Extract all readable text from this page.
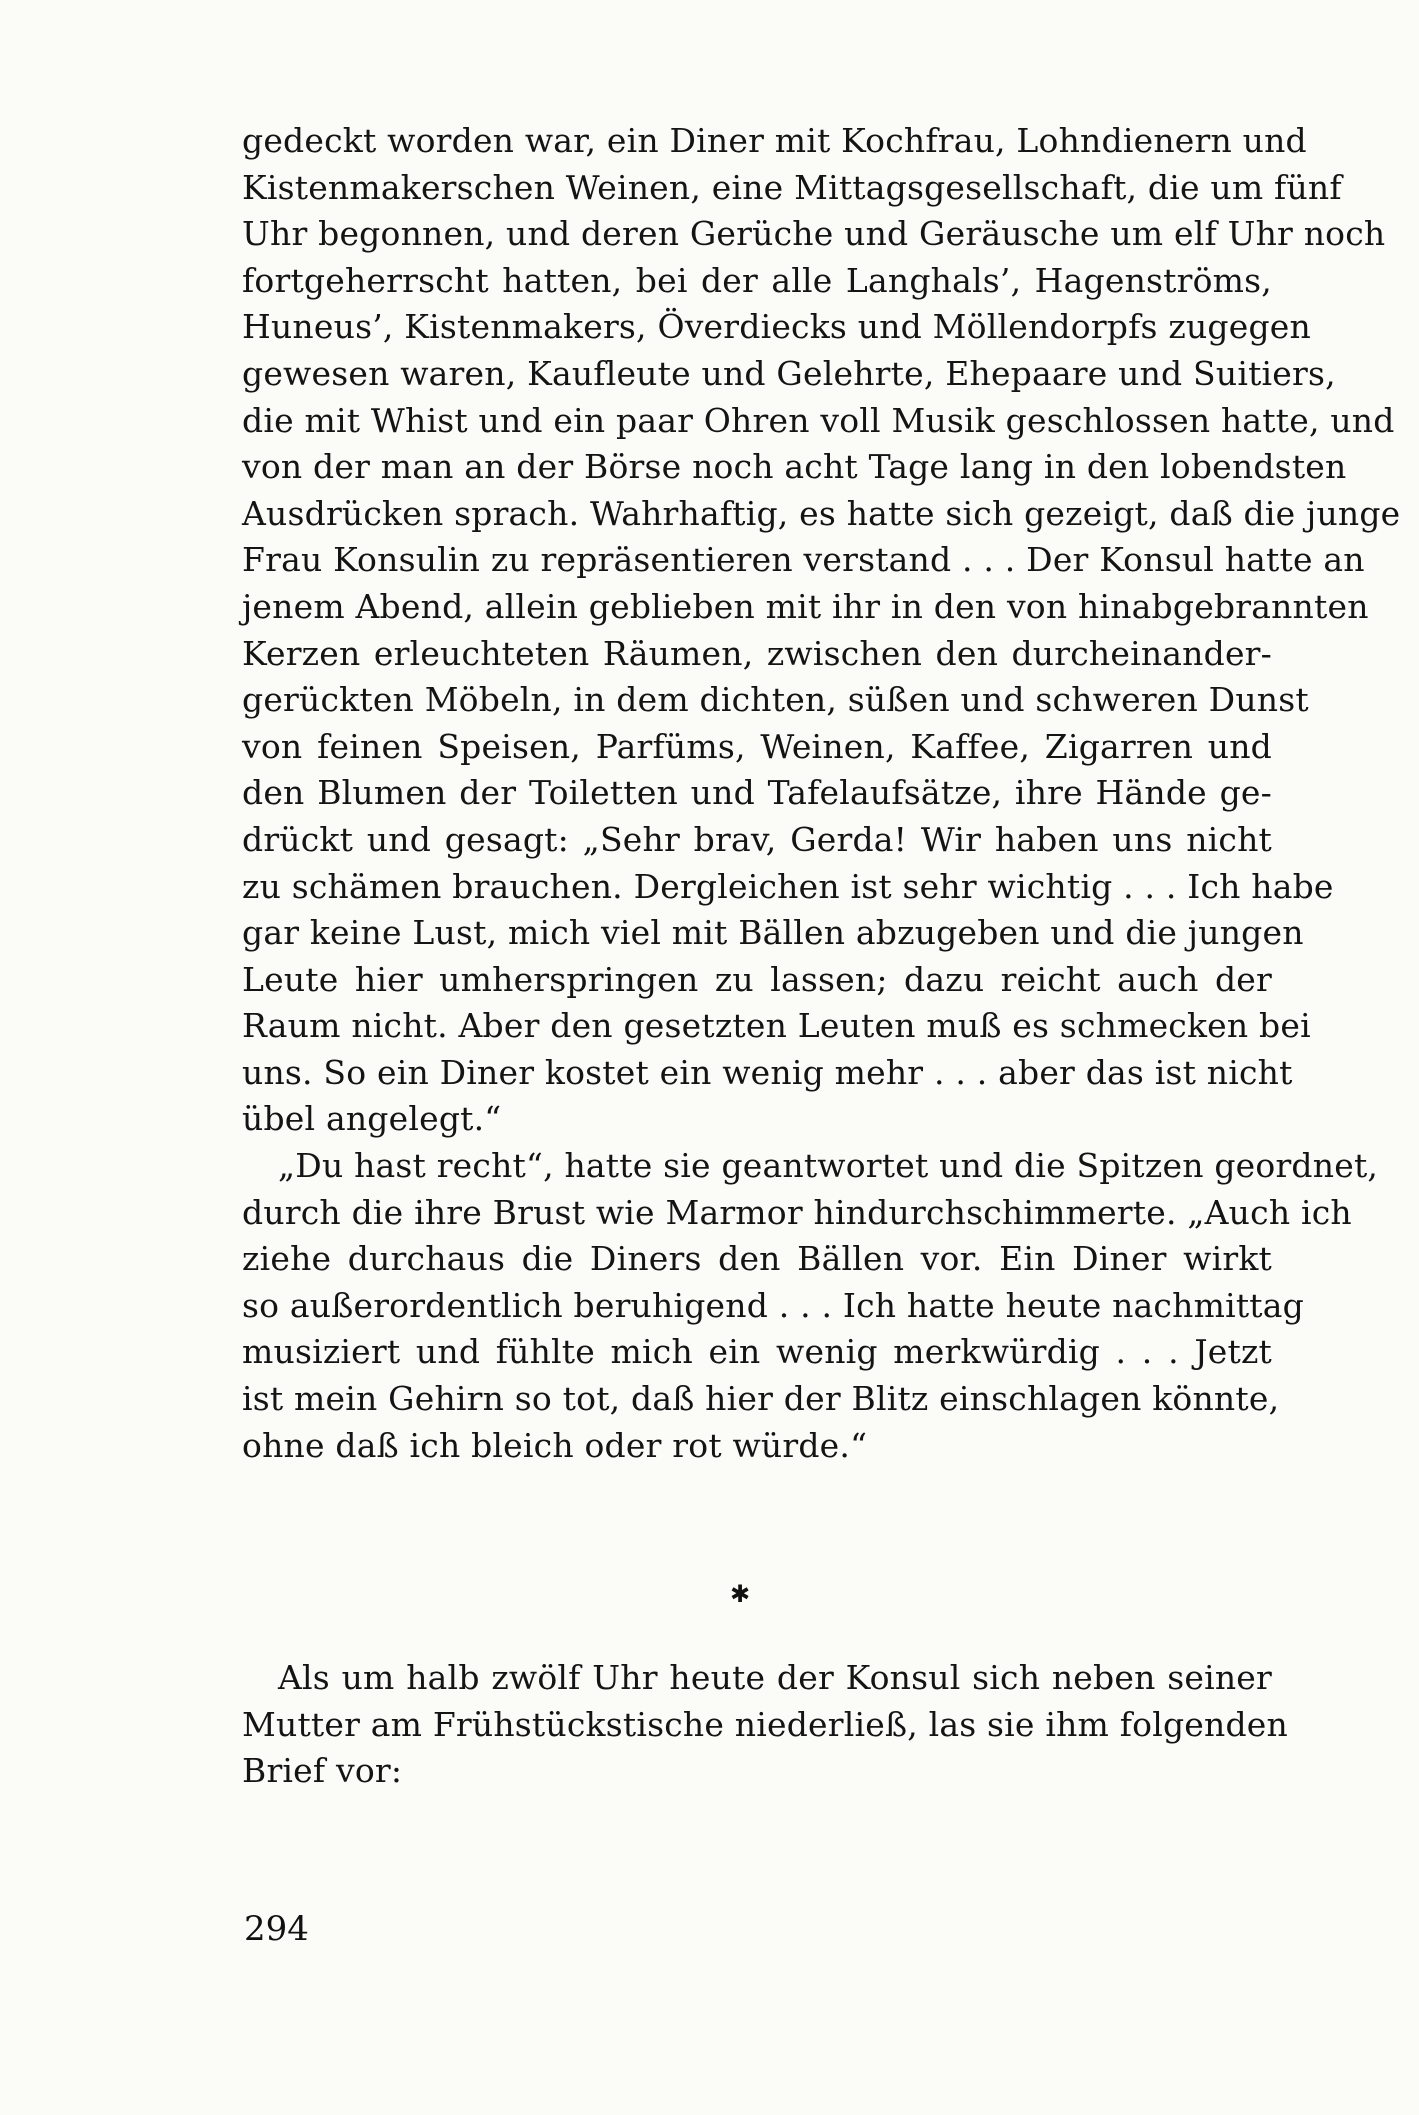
gedeckt worden war, ein Diner mit Kochfrau, Lohndienern und
Kistenmakerschen Weinen, eine Mittagsgesellschaft, die um fünf
Uhr begonnen, und deren Gerüche und Geräusche um elf Uhr noch
fortgeherrscht hatten, bei der alle Langhals’, Hagenströms,
Huneus’, Kistenmakers, Överdiecks und Möllendorpfs zugegen
gewesen waren, Kaufleute und Gelehrte, Ehepaare und Suitiers,
die mit Whist und ein paar Ohren voll Musik geschlossen hatte, und
von der man an der Börse noch acht Tage lang in den lobendsten
Ausdrücken sprach. Wahrhaftig, es hatte sich gezeigt, daß die junge
Frau Konsulin zu repräsentieren verstand . . . Der Konsul hatte an
jenem Abend, allein geblieben mit ihr in den von hinabgebrannten
Kerzen erleuchteten Räumen, zwischen den durcheinander-
gerückten Möbeln, in dem dichten, süßen und schweren Dunst
von feinen Speisen, Parfüms, Weinen, Kaffee, Zigarren und
den Blumen der Toiletten und Tafelaufsätze, ihre Hände ge-
drückt und gesagt: „Sehr brav, Gerda! Wir haben uns nicht
zu schämen brauchen. Dergleichen ist sehr wichtig . . . Ich habe
gar keine Lust, mich viel mit Bällen abzugeben und die jungen
Leute hier umherspringen zu lassen; dazu reicht auch der
Raum nicht. Aber den gesetzten Leuten muß es schmecken bei
uns. So ein Diner kostet ein wenig mehr . . . aber das ist nicht
übel angelegt.“
„Du hast recht“, hatte sie geantwortet und die Spitzen geordnet,
durch die ihre Brust wie Marmor hindurchschimmerte. „Auch ich
ziehe durchaus die Diners den Bällen vor. Ein Diner wirkt
so außerordentlich beruhigend . . . Ich hatte heute nachmittag
musiziert und fühlte mich ein wenig merkwürdig . . . Jetzt
ist mein Gehirn so tot, daß hier der Blitz einschlagen könnte,
ohne daß ich bleich oder rot würde.“
✱
Als um halb zwölf Uhr heute der Konsul sich neben seiner
Mutter am Frühstückstische niederließ, las sie ihm folgenden
Brief vor:
294
